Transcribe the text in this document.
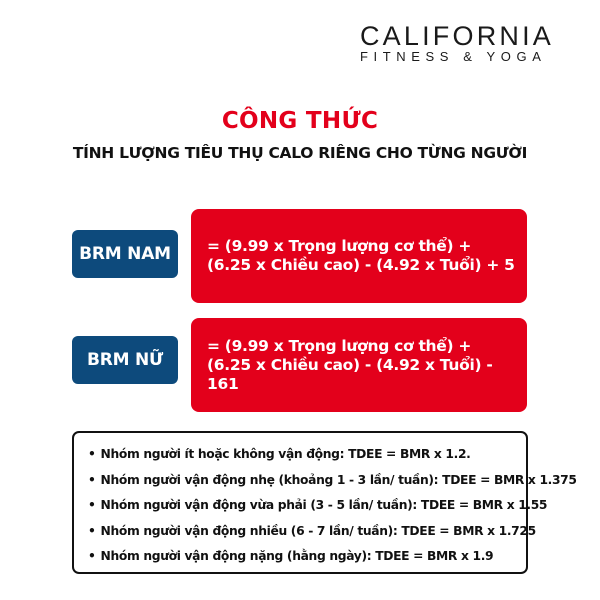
CALIFORNIA
FITNESS & YOGA
CÔNG THỨC
TÍNH LƯỢNG TIÊU THỤ CALO RIÊNG CHO TỪNG NGƯỜI
BRM NAM	= (9.99 x Trọng lượng cơ thể) +
(6.25 x Chiều cao) - (4.92 x Tuổi) + 5
BRM NỮ
= (9.99 x Trọng lượng cơ thể) +
(6.25 x Chiều cao) - (4.92 x Tuổi) - 161
• Nhóm người ít hoặc không vận động: TDEE = BMR x 1.2.
• Nhóm người vận động nhẹ (khoảng 1 - 3 lần/ tuần): TDEE = BMR x 1.375
• Nhóm người vận động vừa phải (3 - 5 lần/ tuần): TDEE = BMR x 1.55
• Nhóm người vận động nhiều (6 - 7 lần/ tuần): TDEE = BMR x 1.725
• Nhóm người vận động nặng (hằng ngày): TDEE = BMR x 1.9
